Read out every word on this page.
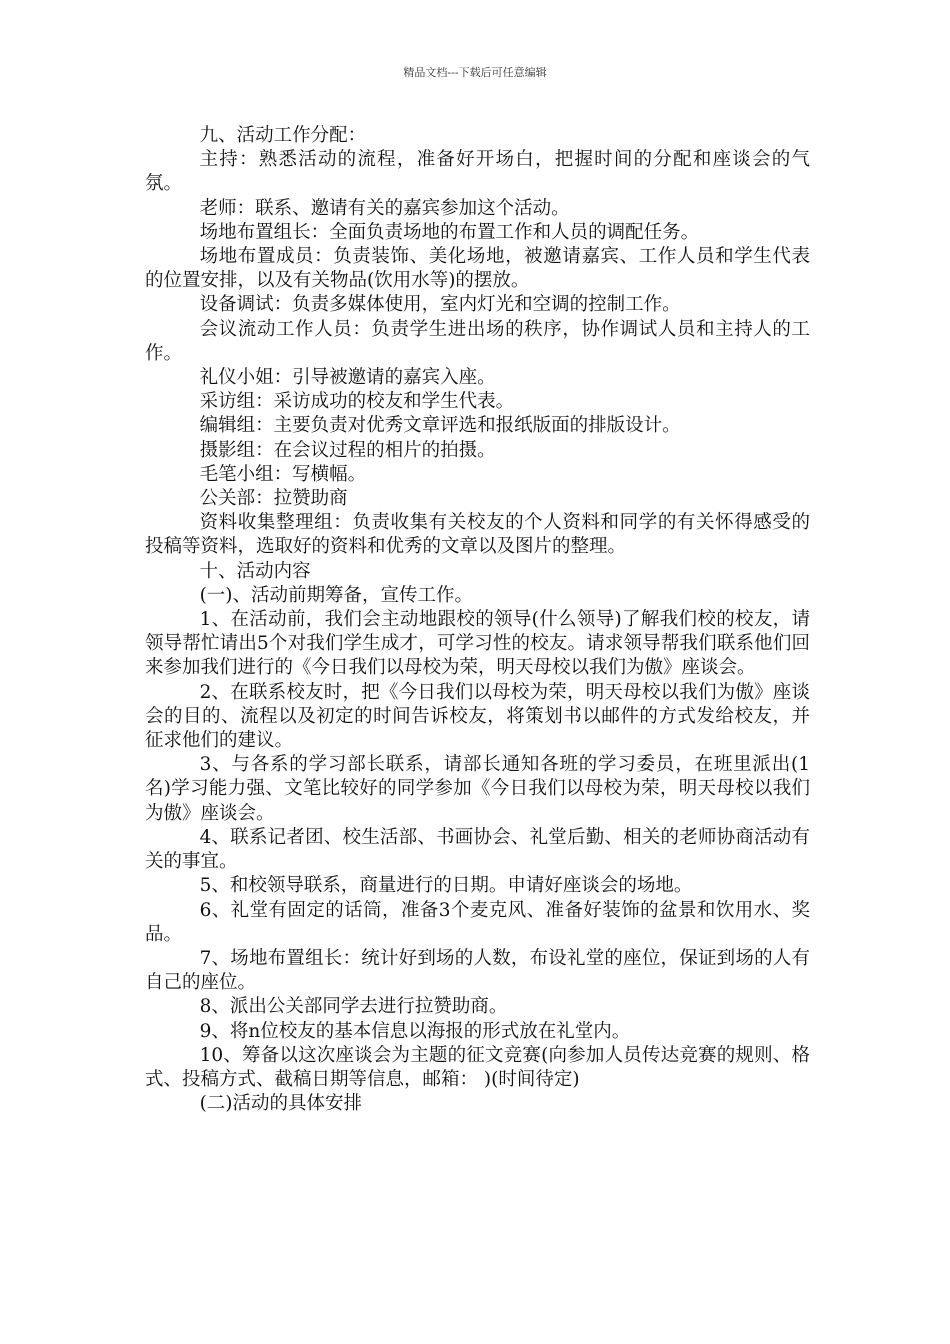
精品文档---下载后可任意编辑

九、活动工作分配：

主持：熟悉活动的流程，准备好开场白，把握时间的分配和座谈会的气氛。

老师：联系、邀请有关的嘉宾参加这个活动。

场地布置组长：全面负责场地的布置工作和人员的调配任务。

场地布置成员：负责装饰、美化场地，被邀请嘉宾、工作人员和学生代表的位置安排，以及有关物品(饮用水等)的摆放。

设备调试：负责多媒体使用，室内灯光和空调的控制工作。

会议流动工作人员：负责学生进出场的秩序，协作调试人员和主持人的工作。

礼仪小姐：引导被邀请的嘉宾入座。

采访组：采访成功的校友和学生代表。

编辑组：主要负责对优秀文章评选和报纸版面的排版设计。

摄影组：在会议过程的相片的拍摄。

毛笔小组：写横幅。

公关部：拉赞助商

资料收集整理组：负责收集有关校友的个人资料和同学的有关怀得感受的投稿等资料，选取好的资料和优秀的文章以及图片的整理。

十、活动内容

(一)、活动前期筹备，宣传工作。

1、在活动前，我们会主动地跟校的领导(什么领导)了解我们校的校友，请领导帮忙请出5个对我们学生成才，可学习性的校友。请求领导帮我们联系他们回来参加我们进行的《今日我们以母校为荣，明天母校以我们为傲》座谈会。

2、在联系校友时，把《今日我们以母校为荣，明天母校以我们为傲》座谈会的目的、流程以及初定的时间告诉校友，将策划书以邮件的方式发给校友，并征求他们的建议。

3、与各系的学习部长联系，请部长通知各班的学习委员，在班里派出(1名)学习能力强、文笔比较好的同学参加《今日我们以母校为荣，明天母校以我们为傲》座谈会。

4、联系记者团、校生活部、书画协会、礼堂后勤、相关的老师协商活动有关的事宜。

5、和校领导联系，商量进行的日期。申请好座谈会的场地。

6、礼堂有固定的话筒，准备3个麦克风、准备好装饰的盆景和饮用水、奖品。

7、场地布置组长：统计好到场的人数，布设礼堂的座位，保证到场的人有自己的座位。

8、派出公关部同学去进行拉赞助商。

9、将n位校友的基本信息以海报的形式放在礼堂内。

10、筹备以这次座谈会为主题的征文竞赛(向参加人员传达竞赛的规则、格式、投稿方式、截稿日期等信息，邮箱： )(时间待定)

(二)活动的具体安排
